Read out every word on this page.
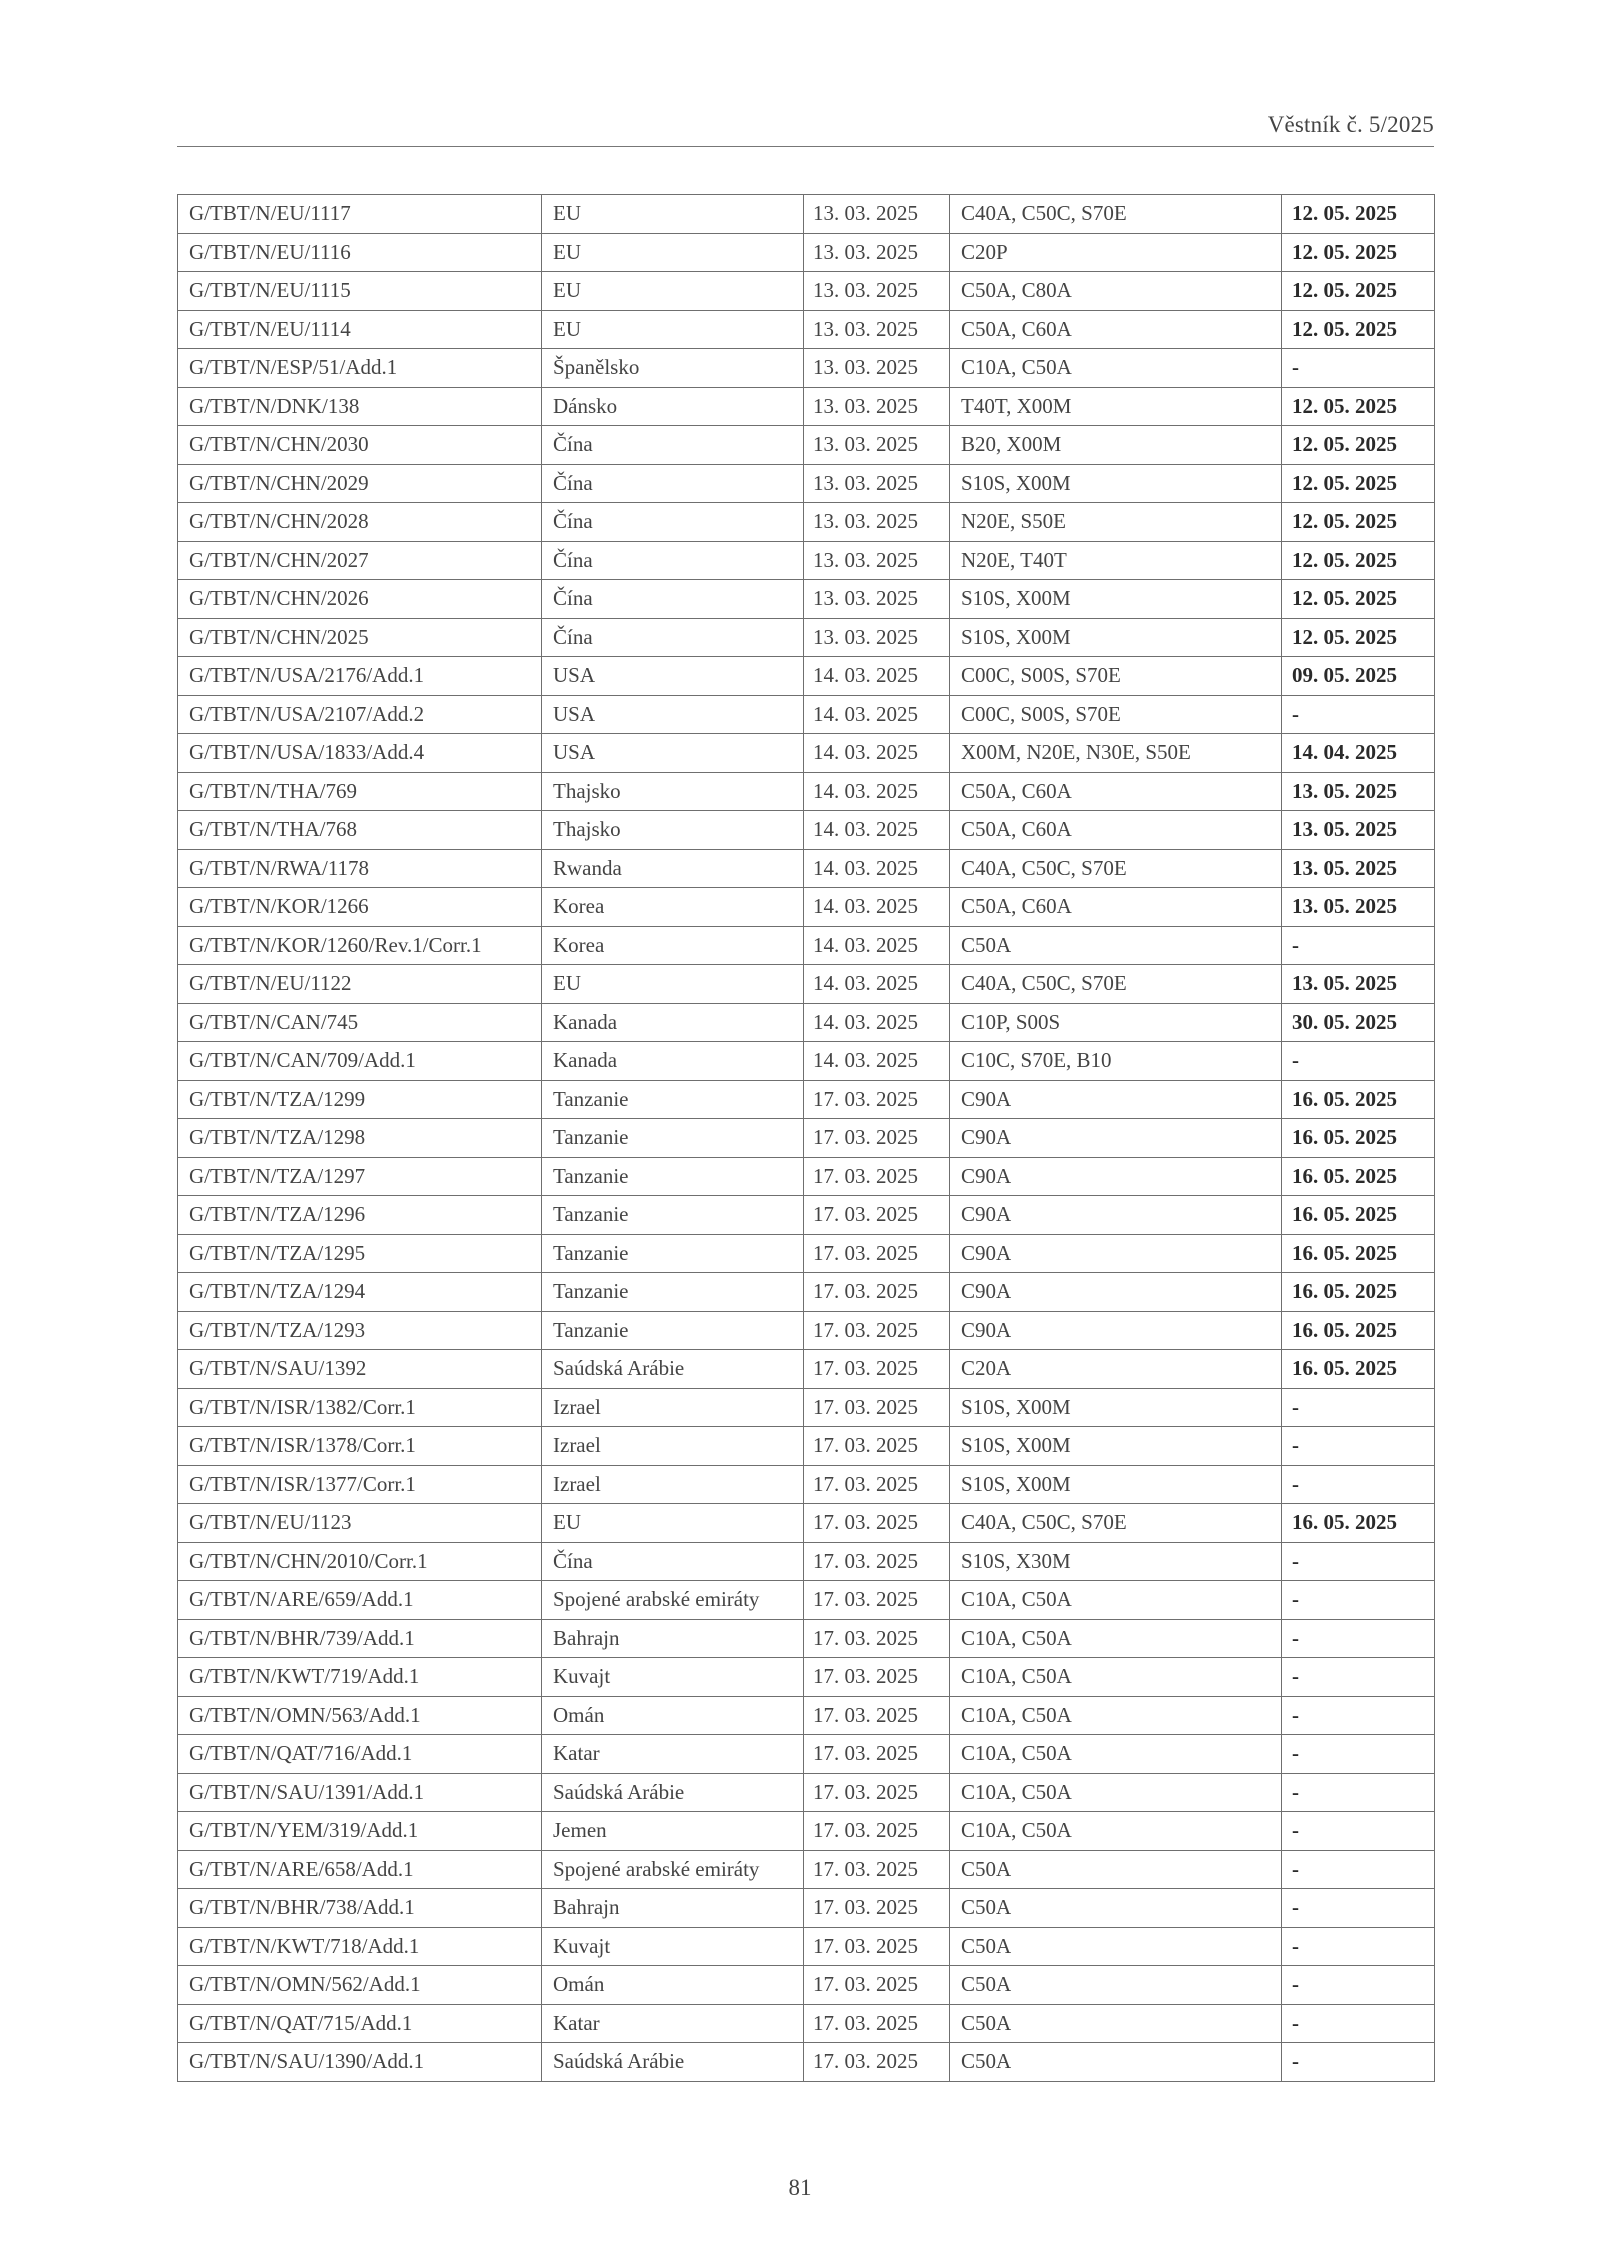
Věstník č. 5/2025
G/TBT/N/EU/1117	EU	13. 03. 2025	C40A, C50C, S70E	12. 05. 2025
G/TBT/N/EU/1116	EU	13. 03. 2025	C20P	12. 05. 2025
G/TBT/N/EU/1115	EU	13. 03. 2025	C50A, C80A	12. 05. 2025
G/TBT/N/EU/1114	EU	13. 03. 2025	C50A, C60A	12. 05. 2025
G/TBT/N/ESP/51/Add.1	Španělsko	13. 03. 2025	C10A, C50A	-
G/TBT/N/DNK/138	Dánsko	13. 03. 2025	T40T, X00M	12. 05. 2025
G/TBT/N/CHN/2030	Čína	13. 03. 2025	B20, X00M	12. 05. 2025
G/TBT/N/CHN/2029	Čína	13. 03. 2025	S10S, X00M	12. 05. 2025
G/TBT/N/CHN/2028	Čína	13. 03. 2025	N20E, S50E	12. 05. 2025
G/TBT/N/CHN/2027	Čína	13. 03. 2025	N20E, T40T	12. 05. 2025
G/TBT/N/CHN/2026	Čína	13. 03. 2025	S10S, X00M	12. 05. 2025
G/TBT/N/CHN/2025	Čína	13. 03. 2025	S10S, X00M	12. 05. 2025
G/TBT/N/USA/2176/Add.1	USA	14. 03. 2025	C00C, S00S, S70E	09. 05. 2025
G/TBT/N/USA/2107/Add.2	USA	14. 03. 2025	C00C, S00S, S70E	-
G/TBT/N/USA/1833/Add.4	USA	14. 03. 2025	X00M, N20E, N30E, S50E	14. 04. 2025
G/TBT/N/THA/769	Thajsko	14. 03. 2025	C50A, C60A	13. 05. 2025
G/TBT/N/THA/768	Thajsko	14. 03. 2025	C50A, C60A	13. 05. 2025
G/TBT/N/RWA/1178	Rwanda	14. 03. 2025	C40A, C50C, S70E	13. 05. 2025
G/TBT/N/KOR/1266	Korea	14. 03. 2025	C50A, C60A	13. 05. 2025
G/TBT/N/KOR/1260/Rev.1/Corr.1	Korea	14. 03. 2025	C50A	-
G/TBT/N/EU/1122	EU	14. 03. 2025	C40A, C50C, S70E	13. 05. 2025
G/TBT/N/CAN/745	Kanada	14. 03. 2025	C10P, S00S	30. 05. 2025
G/TBT/N/CAN/709/Add.1	Kanada	14. 03. 2025	C10C, S70E, B10	-
G/TBT/N/TZA/1299	Tanzanie	17. 03. 2025	C90A	16. 05. 2025
G/TBT/N/TZA/1298	Tanzanie	17. 03. 2025	C90A	16. 05. 2025
G/TBT/N/TZA/1297	Tanzanie	17. 03. 2025	C90A	16. 05. 2025
G/TBT/N/TZA/1296	Tanzanie	17. 03. 2025	C90A	16. 05. 2025
G/TBT/N/TZA/1295	Tanzanie	17. 03. 2025	C90A	16. 05. 2025
G/TBT/N/TZA/1294	Tanzanie	17. 03. 2025	C90A	16. 05. 2025
G/TBT/N/TZA/1293	Tanzanie	17. 03. 2025	C90A	16. 05. 2025
G/TBT/N/SAU/1392	Saúdská Arábie	17. 03. 2025	C20A	16. 05. 2025
G/TBT/N/ISR/1382/Corr.1	Izrael	17. 03. 2025	S10S, X00M	-
G/TBT/N/ISR/1378/Corr.1	Izrael	17. 03. 2025	S10S, X00M	-
G/TBT/N/ISR/1377/Corr.1	Izrael	17. 03. 2025	S10S, X00M	-
G/TBT/N/EU/1123	EU	17. 03. 2025	C40A, C50C, S70E	16. 05. 2025
G/TBT/N/CHN/2010/Corr.1	Čína	17. 03. 2025	S10S, X30M	-
G/TBT/N/ARE/659/Add.1	Spojené arabské emiráty	17. 03. 2025	C10A, C50A	-
G/TBT/N/BHR/739/Add.1	Bahrajn	17. 03. 2025	C10A, C50A	-
G/TBT/N/KWT/719/Add.1	Kuvajt	17. 03. 2025	C10A, C50A	-
G/TBT/N/OMN/563/Add.1	Omán	17. 03. 2025	C10A, C50A	-
G/TBT/N/QAT/716/Add.1	Katar	17. 03. 2025	C10A, C50A	-
G/TBT/N/SAU/1391/Add.1	Saúdská Arábie	17. 03. 2025	C10A, C50A	-
G/TBT/N/YEM/319/Add.1	Jemen	17. 03. 2025	C10A, C50A	-
G/TBT/N/ARE/658/Add.1	Spojené arabské emiráty	17. 03. 2025	C50A	-
G/TBT/N/BHR/738/Add.1	Bahrajn	17. 03. 2025	C50A	-
G/TBT/N/KWT/718/Add.1	Kuvajt	17. 03. 2025	C50A	-
G/TBT/N/OMN/562/Add.1	Omán	17. 03. 2025	C50A	-
G/TBT/N/QAT/715/Add.1	Katar	17. 03. 2025	C50A	-
G/TBT/N/SAU/1390/Add.1	Saúdská Arábie	17. 03. 2025	C50A	-
81
